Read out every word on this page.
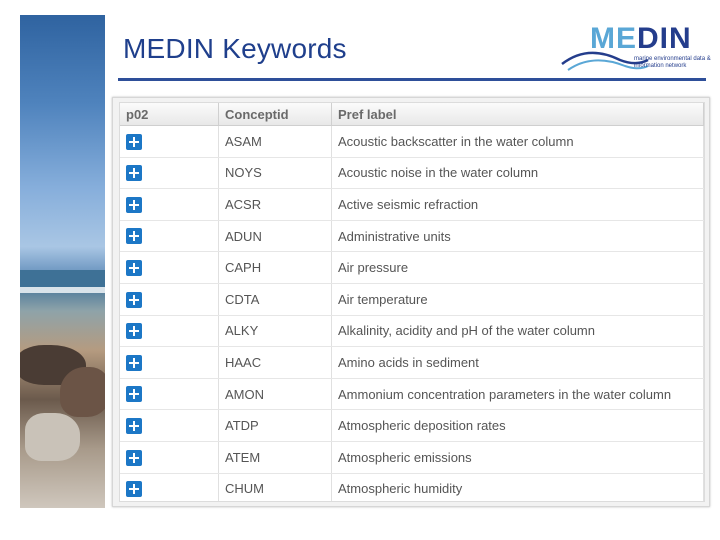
MEDIN Keywords	MEDIN
marine environmental data & information network
p02	Conceptid	Pref label
	ASAM	Acoustic backscatter in the water column
	NOYS	Acoustic noise in the water column
	ACSR	Active seismic refraction
	ADUN	Administrative units
	CAPH	Air pressure
	CDTA	Air temperature
	ALKY	Alkalinity, acidity and pH of the water column
	HAAC	Amino acids in sediment
	AMON	Ammonium concentration parameters in the water column
	ATDP	Atmospheric deposition rates
	ATEM	Atmospheric emissions
	CHUM	Atmospheric humidity
